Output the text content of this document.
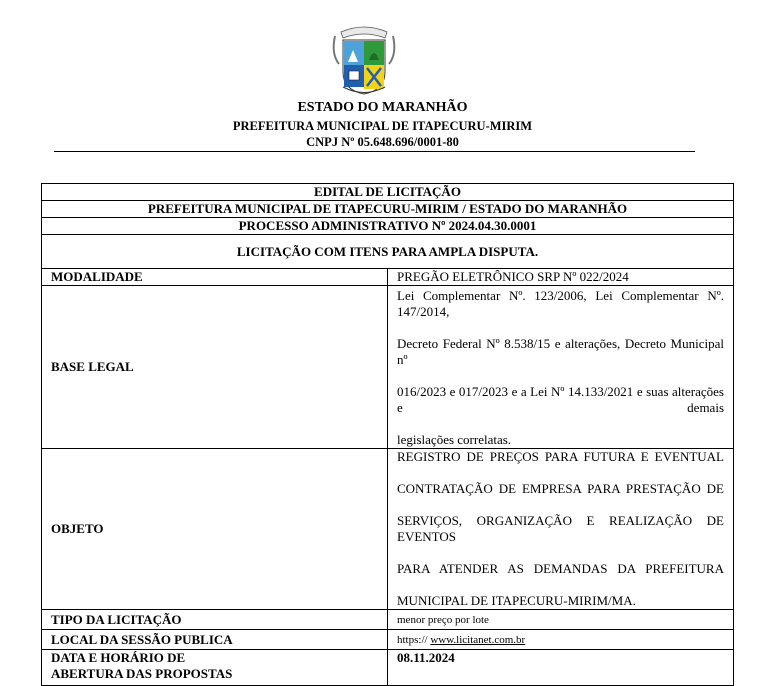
ESTADO DO MARANHÃO
PREFEITURA MUNICIPAL DE ITAPECURU-MIRIM
CNPJ Nº 05.648.696/0001-80
EDITAL DE LICITAÇÃO	
PREFEITURA MUNICIPAL DE ITAPECURU-MIRIM / ESTADO DO MARANHÃO	
PROCESSO ADMINISTRATIVO Nº 2024.04.30.0001	
LICITAÇÃO COM ITENS PARA AMPLA DISPUTA.	
MODALIDADE	PREGÃO ELETRÔNICO SRP Nº 022/2024
BASE LEGAL	Lei Complementar Nº. 123/2006, Lei Complementar Nº. 147/2014, Decreto Federal Nº 8.538/15 e alterações, Decreto Municipal nº 016/2023 e 017/2023 e a Lei Nº 14.133/2021 e suas alterações e demais legislações correlatas.
OBJETO	REGISTRO DE PREÇOS PARA FUTURA E EVENTUAL CONTRATAÇÃO DE EMPRESA PARA PRESTAÇÃO DE SERVIÇOS, ORGANIZAÇÃO E REALIZAÇÃO DE EVENTOS PARA ATENDER AS DEMANDAS DA PREFEITURA MUNICIPAL DE ITAPECURU-MIRIM/MA.
TIPO DA LICITAÇÃO	menor preço por lote
LOCAL DA SESSÃO PUBLICA	https:// www.licitanet.com.br

DATA E HORÁRIO DE
ABERTURA DAS PROPOSTAS	08.11.2024
